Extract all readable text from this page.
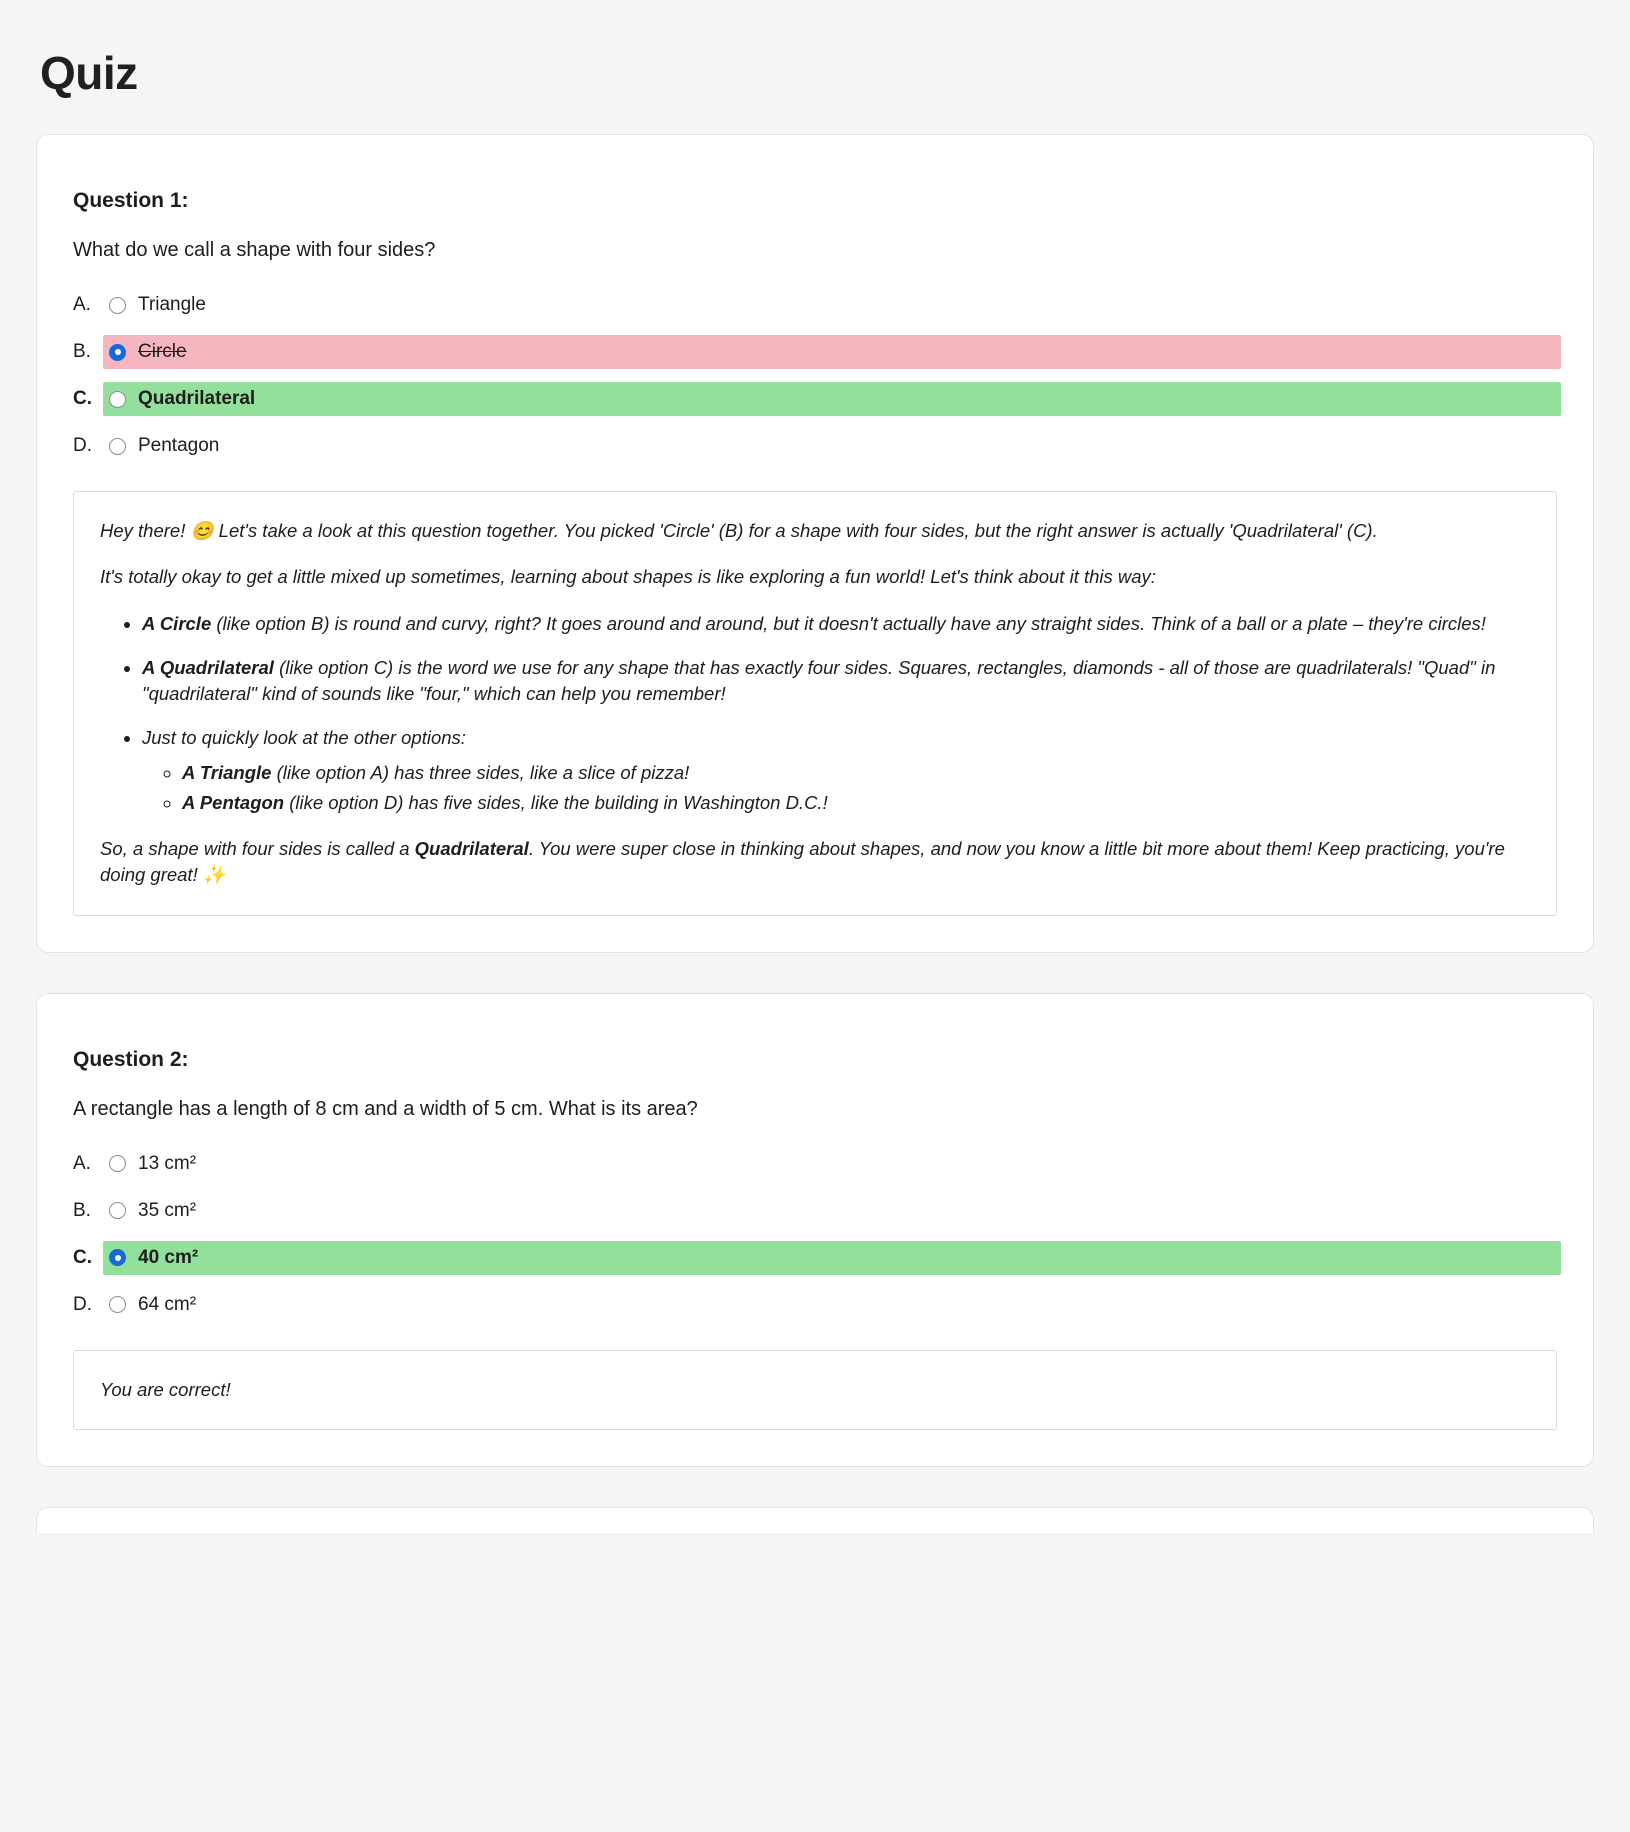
Quiz
Question 1:
What do we call a shape with four sides?
A.	Triangle
B.	Circle
C.	Quadrilateral
D.	Pentagon

Hey there! 😊 Let's take a look at this question together. You picked 'Circle' (B) for a shape with four sides, but the right answer is actually 'Quadrilateral' (C).

It's totally okay to get a little mixed up sometimes, learning about shapes is like exploring a fun world! Let's think about it this way:

• A Circle (like option B) is round and curvy, right? It goes around and around, but it doesn't actually have any straight sides. Think of a ball or a plate – they're circles!
• A Quadrilateral (like option C) is the word we use for any shape that has exactly four sides. Squares, rectangles, diamonds - all of those are quadrilaterals! "Quad" in "quadrilateral" kind of sounds like "four," which can help you remember!
• Just to quickly look at the other options:
◦ A Triangle (like option A) has three sides, like a slice of pizza!
◦ A Pentagon (like option D) has five sides, like the building in Washington D.C.!

So, a shape with four sides is called a Quadrilateral. You were super close in thinking about shapes, and now you know a little bit more about them! Keep practicing, you're doing great! ✨

Question 2:
A rectangle has a length of 8 cm and a width of 5 cm. What is its area?
A.	13 cm²
B.	35 cm²
C.	40 cm²
D.	64 cm²

You are correct!
